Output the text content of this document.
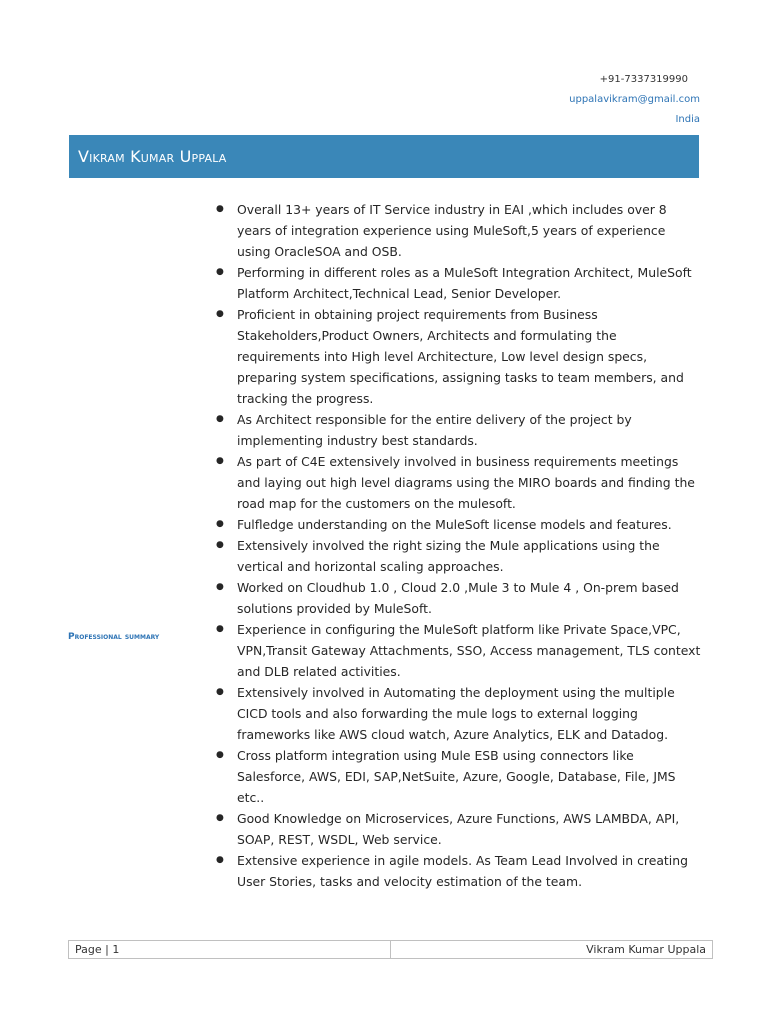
+91-7337319990
uppalavikram@gmail.com
India
Vikram Kumar Uppala
Professional summary
● Overall 13+ years of IT Service industry in EAI ,which includes over 8 years of integration experience using MuleSoft,5 years of experience using OracleSOA and OSB.
● Performing in different roles as a MuleSoft Integration Architect, MuleSoft Platform Architect,Technical Lead, Senior Developer.
● Proficient in obtaining project requirements from Business Stakeholders,Product Owners, Architects and formulating the requirements into High level Architecture, Low level design specs, preparing system specifications, assigning tasks to team members, and tracking the progress.
● As Architect responsible for the entire delivery of the project by implementing industry best standards.
● As part of C4E extensively involved in business requirements meetings and laying out high level diagrams using the MIRO boards and finding the road map for the customers on the mulesoft.
● Fulfledge understanding on the MuleSoft license models and features.
● Extensively involved the right sizing the Mule applications using the vertical and horizontal scaling approaches.
● Worked on Cloudhub 1.0 , Cloud 2.0 ,Mule 3 to Mule 4 , On-prem based solutions provided by MuleSoft.
● Experience in configuring the MuleSoft platform like Private Space,VPC, VPN,Transit Gateway Attachments, SSO, Access management, TLS context and DLB related activities.
● Extensively involved in Automating the deployment using the multiple CICD tools and also forwarding the mule logs to external logging frameworks like AWS cloud watch, Azure Analytics, ELK and Datadog.
● Cross platform integration using Mule ESB using connectors like Salesforce, AWS, EDI, SAP,NetSuite, Azure, Google, Database, File, JMS etc..
● Good Knowledge on Microservices, Azure Functions, AWS LAMBDA, API, SOAP, REST, WSDL, Web service.
● Extensive experience in agile models. As Team Lead Involved in creating User Stories, tasks and velocity estimation of the team.
Page | 1	Vikram Kumar Uppala
